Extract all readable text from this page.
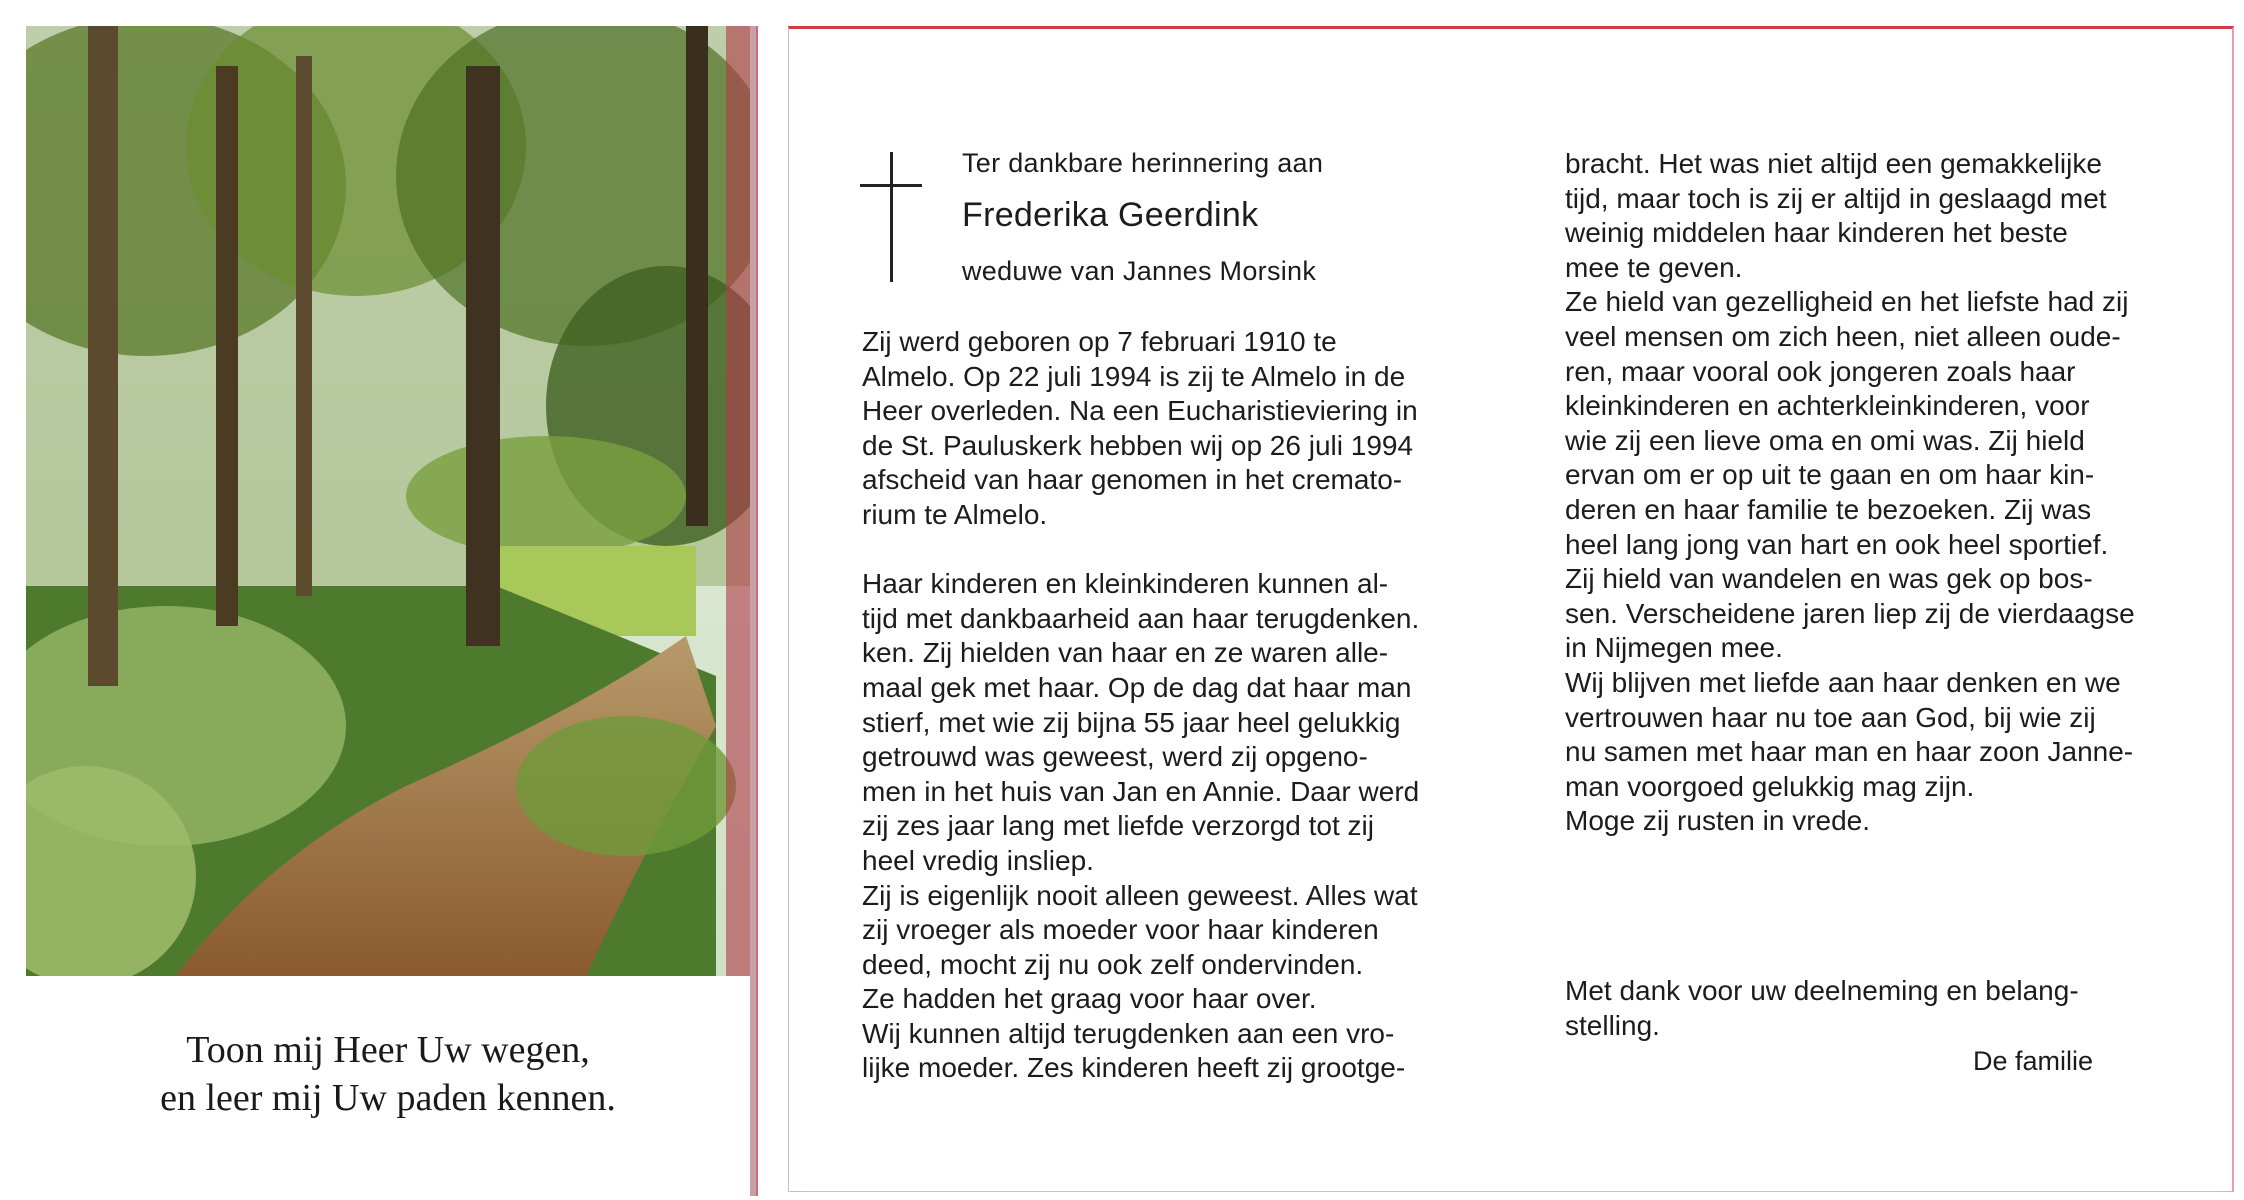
Toon mij Heer Uw wegen,
en leer mij Uw paden kennen.
Ter dankbare herinnering aan
Frederika Geerdink
weduwe van Jannes Morsink
Zij werd geboren op 7 februari 1910 te
Almelo. Op 22 juli 1994 is zij te Almelo in de
Heer overleden. Na een Eucharistieviering in
de St. Pauluskerk hebben wij op 26 juli 1994
afscheid van haar genomen in het cremato-
rium te Almelo.
Haar kinderen en kleinkinderen kunnen al-
tijd met dankbaarheid aan haar terugdenken.
ken. Zij hielden van haar en ze waren alle-
maal gek met haar. Op de dag dat haar man
stierf, met wie zij bijna 55 jaar heel gelukkig
getrouwd was geweest, werd zij opgeno-
men in het huis van Jan en Annie. Daar werd
zij zes jaar lang met liefde verzorgd tot zij
heel vredig insliep.
Zij is eigenlijk nooit alleen geweest. Alles wat
zij vroeger als moeder voor haar kinderen
deed, mocht zij nu ook zelf ondervinden.
Ze hadden het graag voor haar over.
Wij kunnen altijd terugdenken aan een vro-
lijke moeder. Zes kinderen heeft zij grootge-
bracht. Het was niet altijd een gemakkelijke
tijd, maar toch is zij er altijd in geslaagd met
weinig middelen haar kinderen het beste
mee te geven.
Ze hield van gezelligheid en het liefste had zij
veel mensen om zich heen, niet alleen oude-
ren, maar vooral ook jongeren zoals haar
kleinkinderen en achterkleinkinderen, voor
wie zij een lieve oma en omi was. Zij hield
ervan om er op uit te gaan en om haar kin-
deren en haar familie te bezoeken. Zij was
heel lang jong van hart en ook heel sportief.
Zij hield van wandelen en was gek op bos-
sen. Verscheidene jaren liep zij de vierdaagse
in Nijmegen mee.
Wij blijven met liefde aan haar denken en we
vertrouwen haar nu toe aan God, bij wie zij
nu samen met haar man en haar zoon Janne-
man voorgoed gelukkig mag zijn.
Moge zij rusten in vrede.
Met dank voor uw deelneming en belang-
stelling.
De familie
